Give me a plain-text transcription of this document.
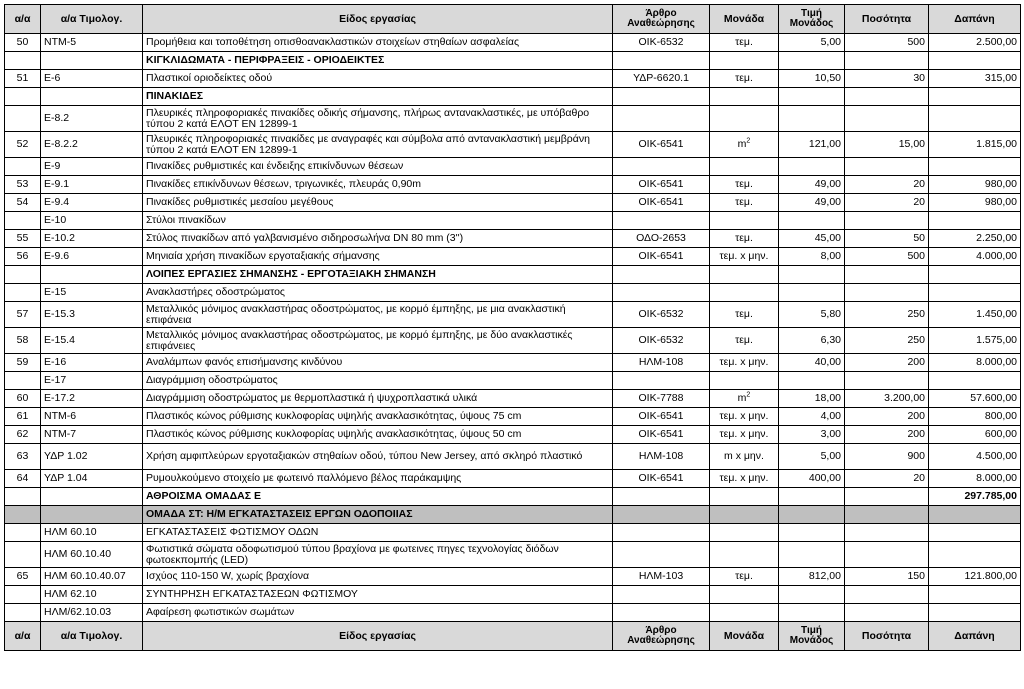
α/α	α/α Τιμολογ.	Είδος εργασίας	Άρθρο Αναθεώρησης	Μονάδα	Τιμή Μονάδος	Ποσότητα	Δαπάνη
50	ΝΤΜ-5	Προμήθεια και τοποθέτηση οπισθοανακλαστικών στοιχείων στηθαίων ασφαλείας	ΟΙΚ-6532	τεμ.	5,00	500	2.500,00
		ΚΙΓΚΛΙΔΩΜΑΤΑ - ΠΕΡΙΦΡΑΞΕΙΣ - ΟΡΙΟΔΕΙΚΤΕΣ					
51	Ε-6	Πλαστικοί οριοδείκτες οδού	ΥΔΡ-6620.1	τεμ.	10,50	30	315,00
		ΠΙΝΑΚΙΔΕΣ					
	Ε-8.2	Πλευρικές πληροφοριακές πινακίδες οδικής σήμανσης, πλήρως αντανακλαστικές, με υπόβαθρο τύπου 2 κατά ΕΛΟΤ ΕΝ 12899-1					
52	Ε-8.2.2	Πλευρικές πληροφοριακές πινακίδες με αναγραφές και σύμβολα από αντανακλαστική μεμβράνη τύπου 2 κατά ΕΛΟΤ ΕΝ 12899-1	ΟΙΚ-6541	$m^2$	121,00	15,00	1.815,00
	Ε-9	Πινακίδες ρυθμιστικές και ένδειξης επικίνδυνων θέσεων					
53	Ε-9.1	Πινακίδες επικίνδυνων θέσεων, τριγωνικές, πλευράς 0,90m	ΟΙΚ-6541	τεμ.	49,00	20	980,00
54	Ε-9.4	Πινακίδες ρυθμιστικές μεσαίου μεγέθους	ΟΙΚ-6541	τεμ.	49,00	20	980,00
	Ε-10	Στύλοι πινακίδων					
55	Ε-10.2	Στύλος πινακίδων από γαλβανισμένο σιδηροσωλήνα DN 80 mm (3'')	ΟΔΟ-2653	τεμ.	45,00	50	2.250,00
56	Ε-9.6	Μηνιαία χρήση πινακίδων εργοταξιακής σήμανσης	ΟΙΚ-6541	τεμ. x μην.	8,00	500	4.000,00
		ΛΟΙΠΕΣ ΕΡΓΑΣΙΕΣ ΣΗΜΑΝΣΗΣ - ΕΡΓΟΤΑΞΙΑΚΗ ΣΗΜΑΝΣΗ					
	Ε-15	Ανακλαστήρες οδοστρώματος					
57	Ε-15.3	Μεταλλικός μόνιμος ανακλαστήρας οδοστρώματος, με κορμό έμπηξης, με μια ανακλαστική επιφάνεια	ΟΙΚ-6532	τεμ.	5,80	250	1.450,00
58	Ε-15.4	Μεταλλικός μόνιμος ανακλαστήρας οδοστρώματος, με κορμό έμπηξης, με δύο ανακλαστικές επιφάνειες	ΟΙΚ-6532	τεμ.	6,30	250	1.575,00
59	Ε-16	Αναλάμπων φανός επισήμανσης κινδύνου	ΗΛΜ-108	τεμ. x μην.	40,00	200	8.000,00
	Ε-17	Διαγράμμιση οδοστρώματος					
60	Ε-17.2	Διαγράμμιση οδοστρώματος με θερμοπλαστικά ή ψυχροπλαστικά υλικά	ΟΙΚ-7788	$m^2$	18,00	3.200,00	57.600,00
61	ΝΤΜ-6	Πλαστικός κώνος ρύθμισης κυκλοφορίας υψηλής ανακλασικότητας, ύψους 75 cm	ΟΙΚ-6541	τεμ. x μην.	4,00	200	800,00
62	ΝΤΜ-7	Πλαστικός κώνος ρύθμισης κυκλοφορίας υψηλής ανακλασικότητας, ύψους 50 cm	ΟΙΚ-6541	τεμ. x μην.	3,00	200	600,00
63	ΥΔΡ 1.02	Χρήση αμφιπλεύρων εργοταξιακών στηθαίων οδού, τύπου New Jersey, από σκληρό πλαστικό	ΗΛΜ-108	m x μην.	5,00	900	4.500,00
64	ΥΔΡ 1.04	Ρυμουλκούμενο στοιχείο με φωτεινό παλλόμενο βέλος παράκαμψης	ΟΙΚ-6541	τεμ. x μην.	400,00	20	8.000,00
		ΑΘΡΟΙΣΜΑ ΟΜΑΔΑΣ Ε					297.785,00
		ΟΜΑΔΑ ΣΤ: Η/Μ ΕΓΚΑΤΑΣΤΑΣΕΙΣ ΕΡΓΩΝ ΟΔΟΠΟΙΙΑΣ					
	ΗΛΜ 60.10	ΕΓΚΑΤΑΣΤΑΣΕΙΣ ΦΩΤΙΣΜΟΥ ΟΔΩΝ					
	ΗΛΜ 60.10.40	Φωτιστικά σώματα οδοφωτισμού τύπου βραχίονα με φωτεινες πηγες τεχνολογίας διόδων φωτοεκπομπής (LED)					
65	ΗΛΜ 60.10.40.07	Ισχύος 110-150 W, χωρίς βραχίονα	ΗΛΜ-103	τεμ.	812,00	150	121.800,00
	ΗΛΜ 62.10	ΣΥΝΤΗΡΗΣΗ ΕΓΚΑΤΑΣΤΑΣΕΩΝ ΦΩΤΙΣΜΟΥ					
	ΗΛΜ/62.10.03	Αφαίρεση φωτιστικών σωμάτων					
α/α	α/α Τιμολογ.	Είδος εργασίας	Άρθρο Αναθεώρησης	Μονάδα	Τιμή Μονάδος	Ποσότητα	Δαπάνη
